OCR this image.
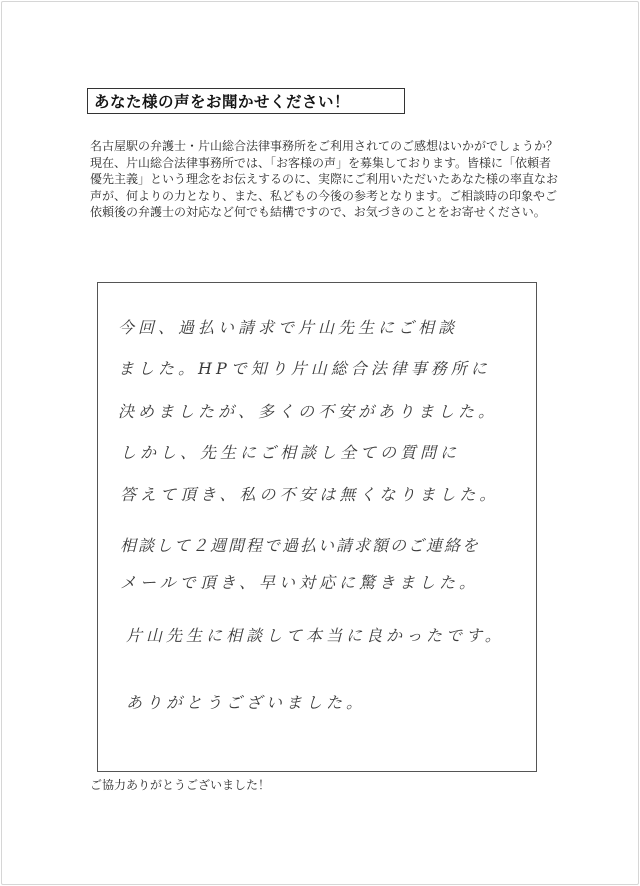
あなた様の声をお聞かせください！

名古屋駅の弁護士・片山総合法律事務所をご利用されてのご感想はいかがでしょうか？

現在、片山総合法律事務所では、「お客様の声」を募集しております。皆様に「依頼者優先主義」という理念をお伝えするのに、実際にご利用いただいたあなた様の率直なお声が、何よりの力となり、また、私どもの今後の参考となります。ご相談時の印象やご依頼後の弁護士の対応など何でも結構ですので、お気づきのことをお寄せください。

今回、過払い請求で片山先生にご相談

ました。HPで知り片山総合法律事務所に

決めましたが、多くの不安がありました。

しかし、先生にご相談し全ての質問に

答えて頂き、私の不安は無くなりました。

相談して２週間程で過払い請求額のご連絡を

メールで頂き、早い対応に驚きました。

片山先生に相談して本当に良かったです。

ありがとうございました。

ご協力ありがとうございました！
